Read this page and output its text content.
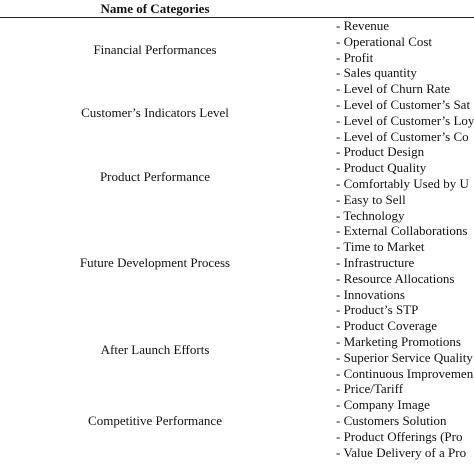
Name of Categories
Financial Performances
- Revenue
- Operational Cost
- Profit
- Sales quantity
Customer’s Indicators Level
- Level of Churn Rate
- Level of Customer’s Sat
- Level of Customer’s Loy
- Level of Customer’s Co
Product Performance
- Product Design
- Product Quality
- Comfortably Used by U
- Easy to Sell
Future Development Process
- Technology
- External Collaborations
- Time to Market
- Infrastructure
- Resource Allocations
- Innovations
- Product’s STP
After Launch Efforts
- Product Coverage
- Marketing Promotions
- Superior Service Quality
- Continuous Improvemen
Competitive Performance
- Price/Tariff
- Company Image
- Customers Solution
- Product Offerings (Pro
- Value Delivery of a Pro
